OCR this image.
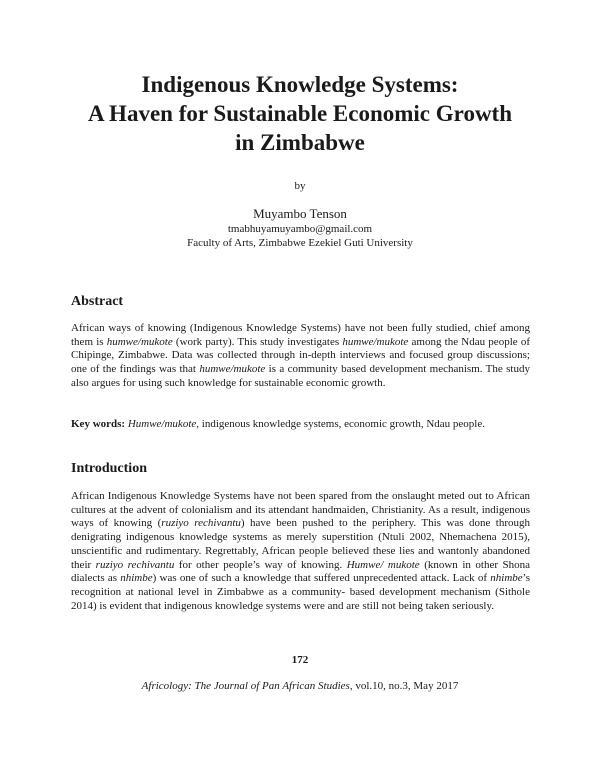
Indigenous Knowledge Systems:
A Haven for Sustainable Economic Growth
in Zimbabwe

by

Muyambo Tenson

tmabhuyamuyambo@gmail.com

Faculty of Arts, Zimbabwe Ezekiel Guti University

Abstract

African ways of knowing (Indigenous Knowledge Systems) have not been fully studied, chief among them is humwe/mukote (work party). This study investigates humwe/mukote among the Ndau people of Chipinge, Zimbabwe. Data was collected through in-depth interviews and focused group discussions; one of the findings was that humwe/mukote is a community based development mechanism. The study also argues for using such knowledge for sustainable economic growth.

Key words: Humwe/mukote, indigenous knowledge systems, economic growth, Ndau people.

Introduction

African Indigenous Knowledge Systems have not been spared from the onslaught meted out to African cultures at the advent of colonialism and its attendant handmaiden, Christianity. As a result, indigenous ways of knowing (ruziyo rechivantu) have been pushed to the periphery. This was done through denigrating indigenous knowledge systems as merely superstition (Ntuli 2002, Nhemachena 2015), unscientific and rudimentary. Regrettably, African people believed these lies and wantonly abandoned their ruziyo rechivantu for other people’s way of knowing. Humwe/ mukote (known in other Shona dialects as nhimbe) was one of such a knowledge that suffered unprecedented attack. Lack of nhimbe’s recognition at national level in Zimbabwe as a community- based development mechanism (Sithole 2014) is evident that indigenous knowledge systems were and are still not being taken seriously.

172

Africology: The Journal of Pan African Studies, vol.10, no.3, May 2017
